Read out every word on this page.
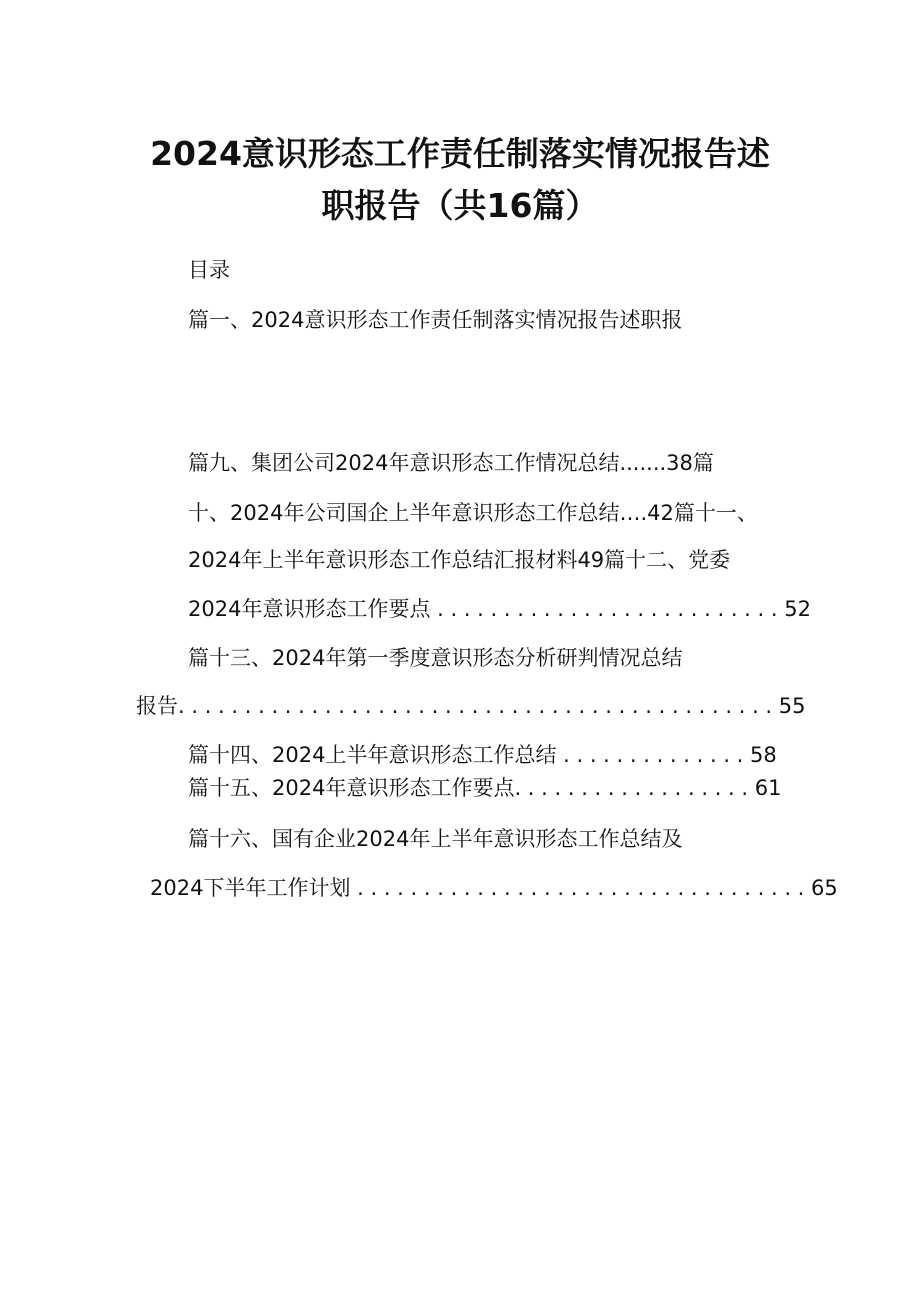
2024意识形态工作责任制落实情况报告述
职报告（共16篇）
目录
篇一、2024意识形态工作责任制落实情况报告述职报
篇九、集团公司2024年意识形态工作情况总结.......38篇
十、2024年公司国企上半年意识形态工作总结….42篇十一、
2024年上半年意识形态工作总结汇报材料49篇十二、党委
2024年意识形态工作要点 . . . . . . . . . . . . . . . . . . . . . . . . . . 52
篇十三、2024年第一季度意识形态分析研判情况总结
报告. . . . . . . . . . . . . . . . . . . . . . . . . . . . . . . . . . . . . . . . . . . . . 55
篇十四、2024上半年意识形态工作总结 . . . . . . . . . . . . . . 58
篇十五、2024年意识形态工作要点. . . . . . . . . . . . . . . . . . 61
篇十六、国有企业2024年上半年意识形态工作总结及
2024下半年工作计划 . . . . . . . . . . . . . . . . . . . . . . . . . . . . . . . . . . 65
